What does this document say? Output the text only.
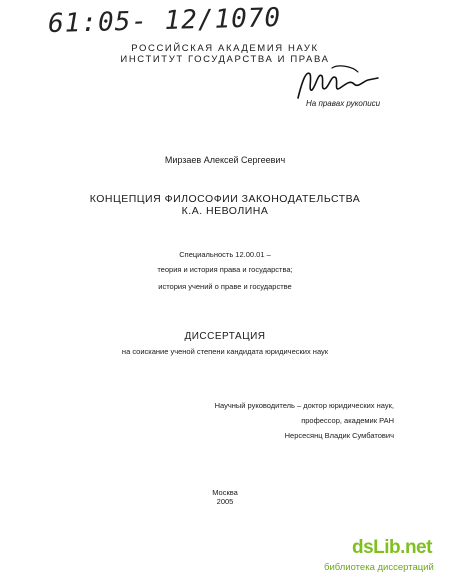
61:05- 12/1070
РОССИЙСКАЯ АКАДЕМИЯ НАУК
ИНСТИТУТ ГОСУДАРСТВА И ПРАВА
На правах рукописи
Мирзаев Алексей Сергеевич
КОНЦЕПЦИЯ ФИЛОСОФИИ ЗАКОНОДАТЕЛЬСТВА
К.А. НЕВОЛИНА
Специальность 12.00.01 –
теория и история права и государства;
история учений о праве и государстве
ДИССЕРТАЦИЯ
на соискание ученой степени кандидата юридических наук
Научный руководитель – доктор юридических наук,
профессор, академик РАН
Нерсесянц Владик Сумбатович
Москва
2005
dsLib.net
библиотека диссертаций
